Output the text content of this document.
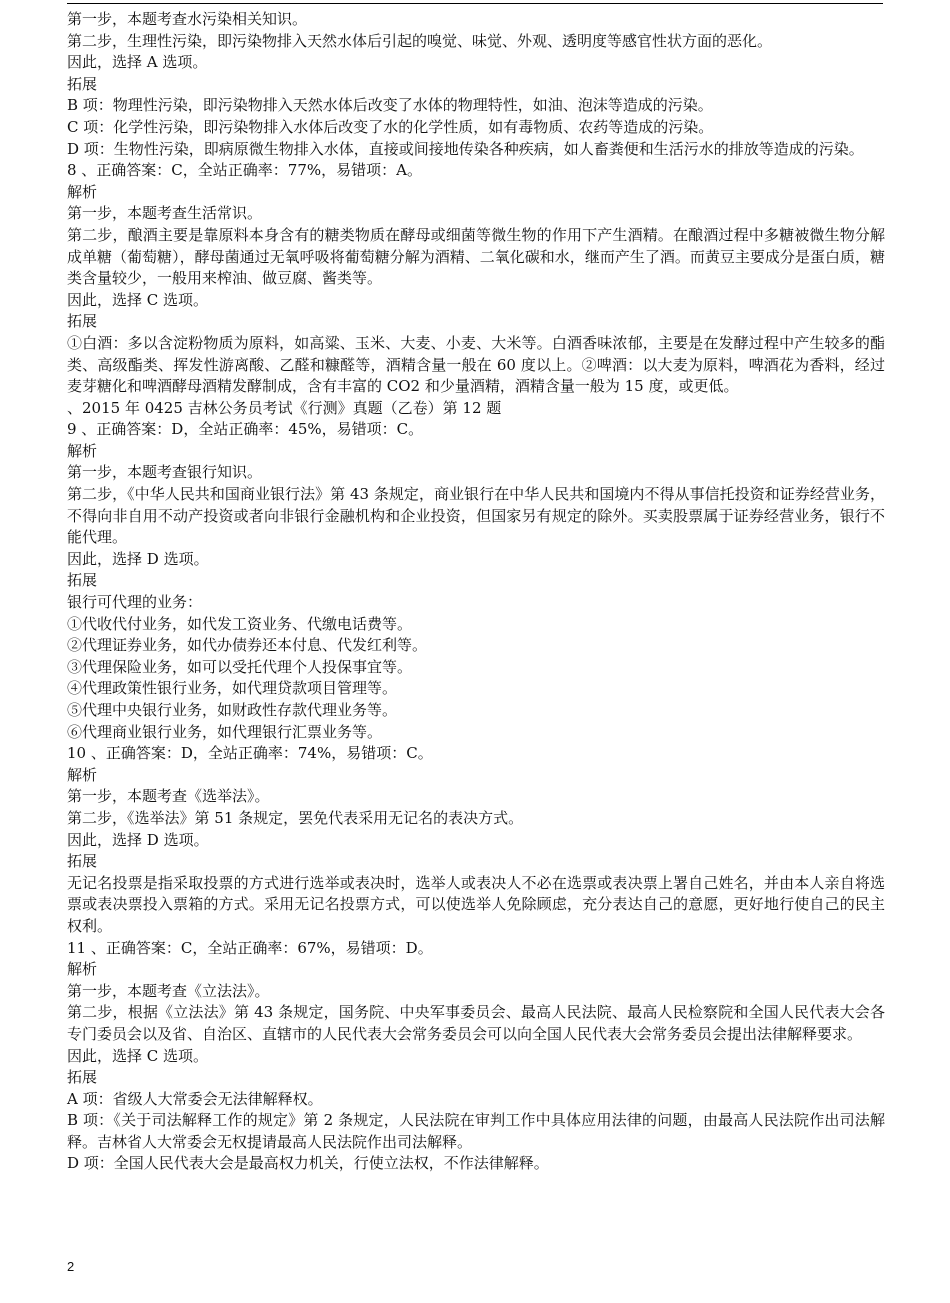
第一步，本题考查水污染相关知识。

第二步，生理性污染，即污染物排入天然水体后引起的嗅觉、味觉、外观、透明度等感官性状方面的恶化。

因此，选择 A 选项。

拓展

B 项：物理性污染，即污染物排入天然水体后改变了水体的物理特性，如油、泡沫等造成的污染。

C 项：化学性污染，即污染物排入水体后改变了水的化学性质，如有毒物质、农药等造成的污染。

D 项：生物性污染，即病原微生物排入水体，直接或间接地传染各种疾病，如人畜粪便和生活污水的排放等造成的污染。

8 、正确答案：C，全站正确率：77%，易错项：A。

解析

第一步，本题考查生活常识。

第二步，酿酒主要是靠原料本身含有的糖类物质在酵母或细菌等微生物的作用下产生酒精。在酿酒过程中多糖被微生物分解成单糖（葡萄糖），酵母菌通过无氧呼吸将葡萄糖分解为酒精、二氧化碳和水，继而产生了酒。而黄豆主要成分是蛋白质，糖类含量较少，一般用来榨油、做豆腐、酱类等。

因此，选择 C 选项。

拓展

①白酒：多以含淀粉物质为原料，如高粱、玉米、大麦、小麦、大米等。白酒香味浓郁，主要是在发酵过程中产生较多的酯类、高级酯类、挥发性游离酸、乙醛和糠醛等，酒精含量一般在 60 度以上。②啤酒：以大麦为原料，啤酒花为香料，经过麦芽糖化和啤酒酵母酒精发酵制成，含有丰富的 CO2 和少量酒精，酒精含量一般为 15 度，或更低。

、2015 年 0425 吉林公务员考试《行测》真题（乙卷）第 12 题

9 、正确答案：D，全站正确率：45%，易错项：C。

解析

第一步，本题考查银行知识。

第二步，《中华人民共和国商业银行法》第 43 条规定，商业银行在中华人民共和国境内不得从事信托投资和证券经营业务，不得向非自用不动产投资或者向非银行金融机构和企业投资，但国家另有规定的除外。买卖股票属于证券经营业务，银行不能代理。

因此，选择 D 选项。

拓展

银行可代理的业务：

①代收代付业务，如代发工资业务、代缴电话费等。

②代理证券业务，如代办债券还本付息、代发红利等。

③代理保险业务，如可以受托代理个人投保事宜等。

④代理政策性银行业务，如代理贷款项目管理等。

⑤代理中央银行业务，如财政性存款代理业务等。

⑥代理商业银行业务，如代理银行汇票业务等。

10 、正确答案：D，全站正确率：74%，易错项：C。

解析

第一步，本题考查《选举法》。

第二步，《选举法》第 51 条规定，罢免代表采用无记名的表决方式。

因此，选择 D 选项。

拓展

无记名投票是指采取投票的方式进行选举或表决时，选举人或表决人不必在选票或表决票上署自己姓名，并由本人亲自将选票或表决票投入票箱的方式。采用无记名投票方式，可以使选举人免除顾虑，充分表达自己的意愿，更好地行使自己的民主权利。

11 、正确答案：C，全站正确率：67%，易错项：D。

解析

第一步，本题考查《立法法》。

第二步，根据《立法法》第 43 条规定，国务院、中央军事委员会、最高人民法院、最高人民检察院和全国人民代表大会各专门委员会以及省、自治区、直辖市的人民代表大会常务委员会可以向全国人民代表大会常务委员会提出法律解释要求。

因此，选择 C 选项。

拓展

A 项：省级人大常委会无法律解释权。

B 项：《关于司法解释工作的规定》第 2 条规定，人民法院在审判工作中具体应用法律的问题，由最高人民法院作出司法解释。吉林省人大常委会无权提请最高人民法院作出司法解释。

D 项：全国人民代表大会是最高权力机关，行使立法权，不作法律解释。

2
